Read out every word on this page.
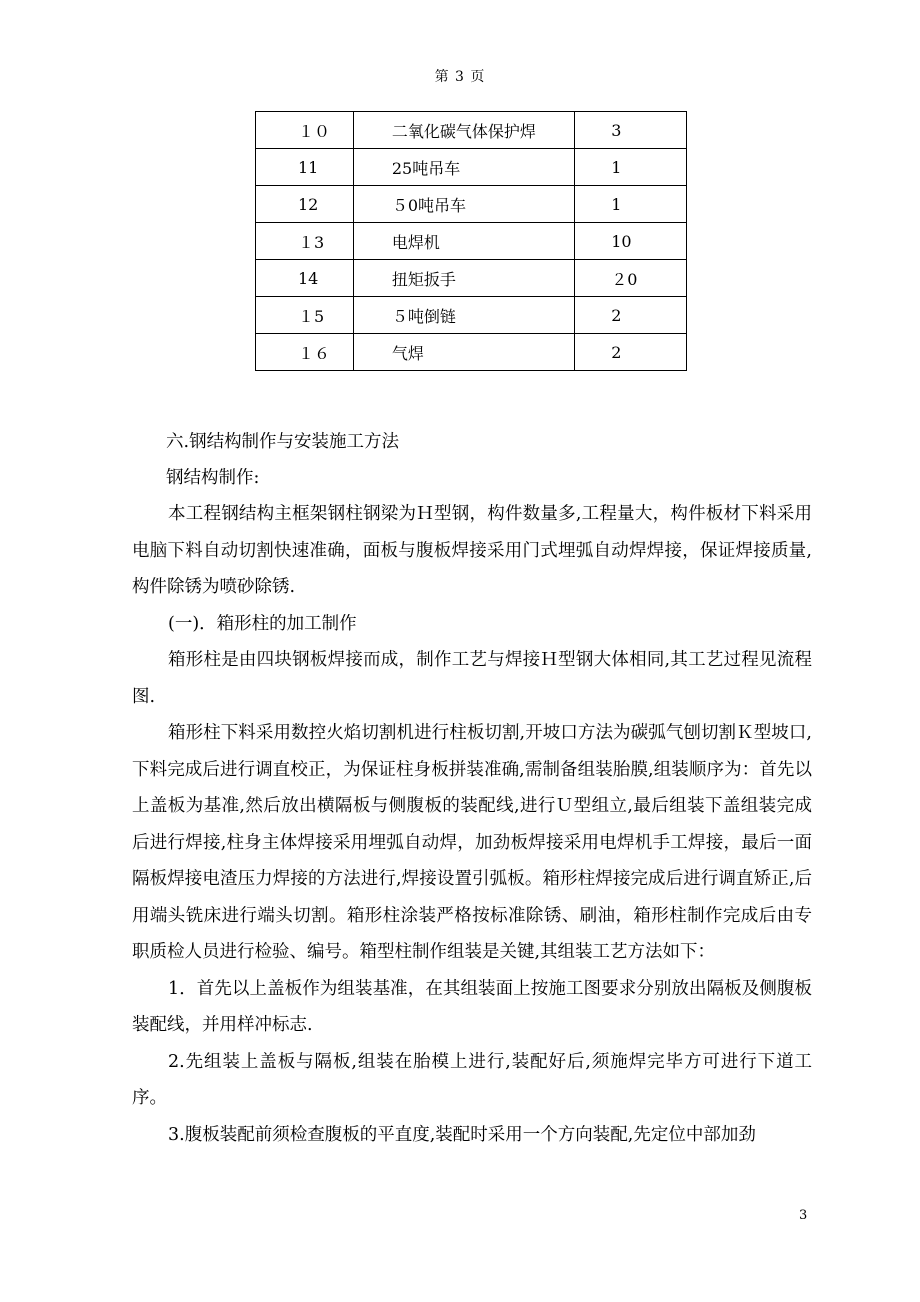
第 3 页
１０	二氧化碳气体保护焊	3
11	25吨吊车	1
12	５0吨吊车	1
１3	电焊机	10
14	扭矩扳手	２0
１5	５吨倒链	2
１６	气焊	2

六.钢结构制作与安装施工方法

钢结构制作:

本工程钢结构主框架钢柱钢梁为Ｈ型钢，构件数量多,工程量大，构件板材下料采用电脑下料自动切割快速准确，面板与腹板焊接采用门式埋弧自动焊焊接，保证焊接质量,构件除锈为喷砂除锈.

(一)．箱形柱的加工制作

箱形柱是由四块钢板焊接而成，制作工艺与焊接Ｈ型钢大体相同,其工艺过程见流程图.

箱形柱下料采用数控火焰切割机进行柱板切割,开坡口方法为碳弧气刨切割Ｋ型坡口,下料完成后进行调直校正，为保证柱身板拼装准确,需制备组装胎膜,组装顺序为：首先以上盖板为基准,然后放出横隔板与侧腹板的装配线,进行Ｕ型组立,最后组装下盖组装完成后进行焊接,柱身主体焊接采用埋弧自动焊，加劲板焊接采用电焊机手工焊接，最后一面隔板焊接电渣压力焊接的方法进行,焊接设置引弧板。箱形柱焊接完成后进行调直矫正,后用端头铣床进行端头切割。箱形柱涂装严格按标准除锈、刷油，箱形柱制作完成后由专职质检人员进行检验、编号。箱型柱制作组装是关键,其组装工艺方法如下：

1．首先以上盖板作为组装基准，在其组装面上按施工图要求分别放出隔板及侧腹板装配线，并用样冲标志.

2.先组装上盖板与隔板,组装在胎模上进行,装配好后,须施焊完毕方可进行下道工序。

3.腹板装配前须检查腹板的平直度,装配时采用一个方向装配,先定位中部加劲

3
